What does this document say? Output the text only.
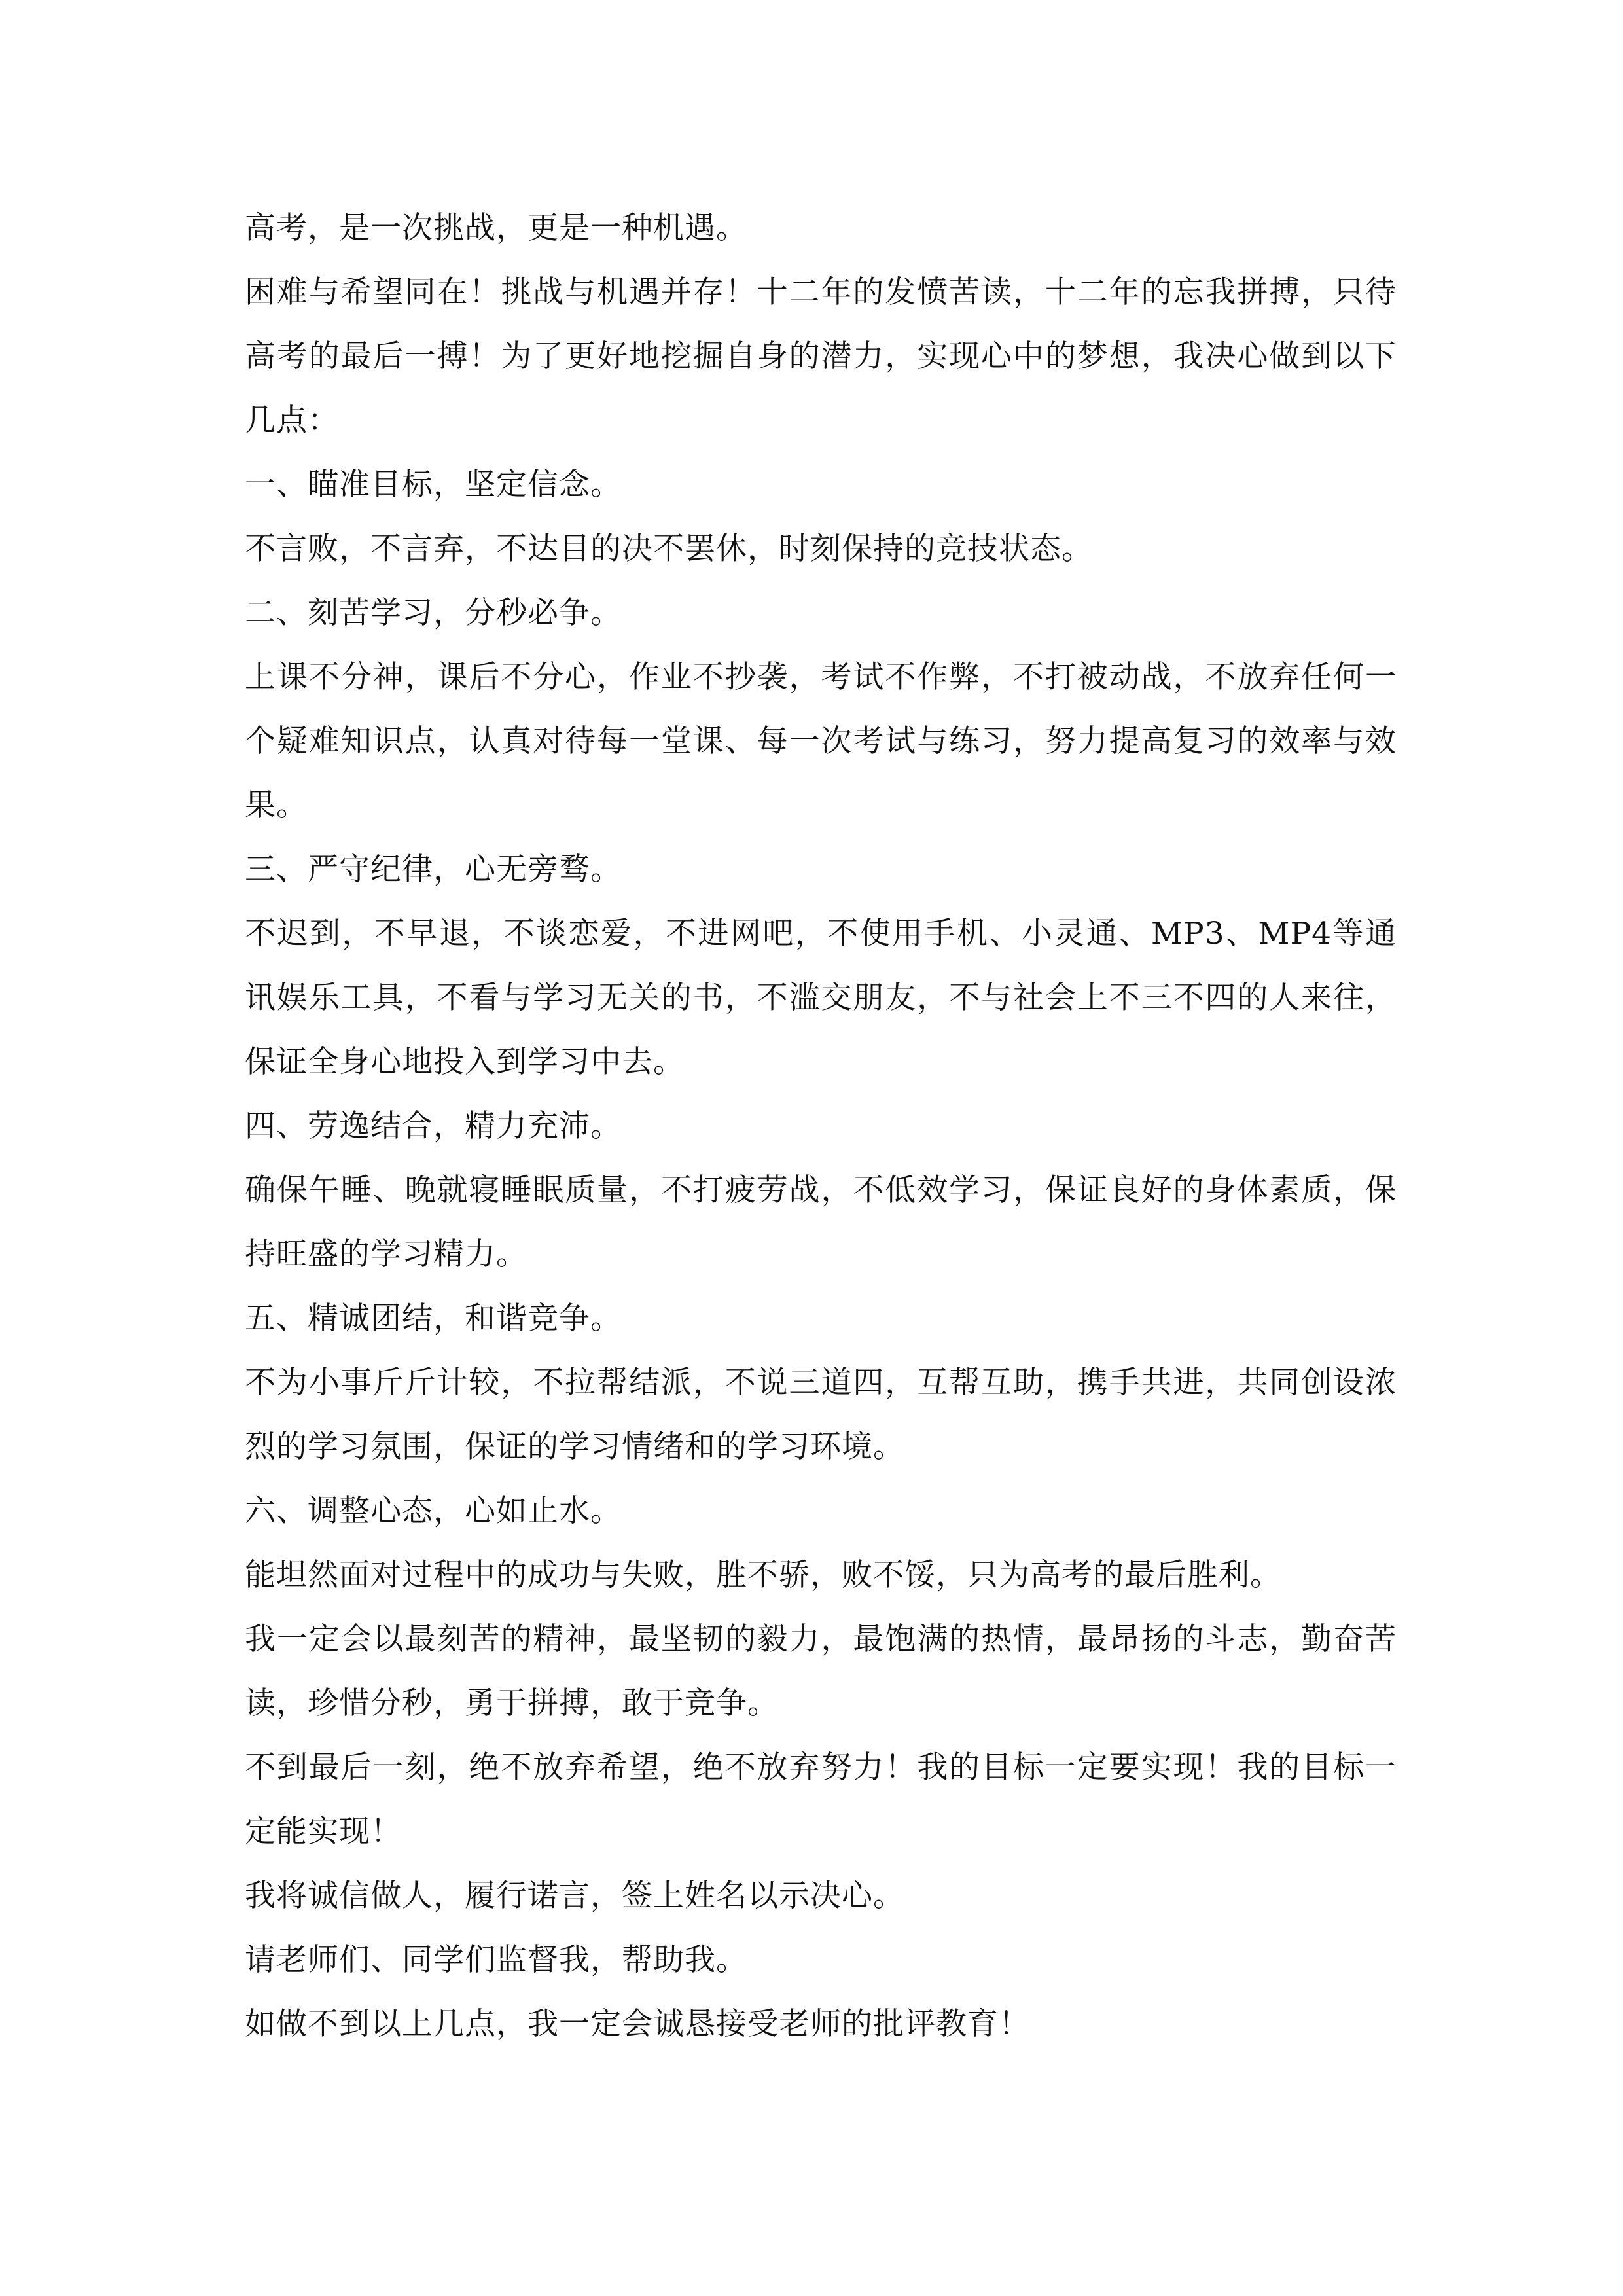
高考，是一次挑战，更是一种机遇。

困难与希望同在！挑战与机遇并存！十二年的发愤苦读，十二年的忘我拼搏，只待高考的最后一搏！为了更好地挖掘自身的潜力，实现心中的梦想，我决心做到以下几点：

一、瞄准目标，坚定信念。

不言败，不言弃，不达目的决不罢休，时刻保持的竞技状态。

二、刻苦学习，分秒必争。

上课不分神，课后不分心，作业不抄袭，考试不作弊，不打被动战，不放弃任何一个疑难知识点，认真对待每一堂课、每一次考试与练习，努力提高复习的效率与效果。

三、严守纪律，心无旁骛。

不迟到，不早退，不谈恋爱，不进网吧，不使用手机、小灵通、MP3、MP4等通讯娱乐工具，不看与学习无关的书，不滥交朋友，不与社会上不三不四的人来往，保证全身心地投入到学习中去。

四、劳逸结合，精力充沛。

确保午睡、晚就寝睡眠质量，不打疲劳战，不低效学习，保证良好的身体素质，保持旺盛的学习精力。

五、精诚团结，和谐竞争。

不为小事斤斤计较，不拉帮结派，不说三道四，互帮互助，携手共进，共同创设浓烈的学习氛围，保证的学习情绪和的学习环境。

六、调整心态，心如止水。

能坦然面对过程中的成功与失败，胜不骄，败不馁，只为高考的最后胜利。

我一定会以最刻苦的精神，最坚韧的毅力，最饱满的热情，最昂扬的斗志，勤奋苦读，珍惜分秒，勇于拼搏，敢于竞争。

不到最后一刻，绝不放弃希望，绝不放弃努力！我的目标一定要实现！我的目标一定能实现！

我将诚信做人，履行诺言，签上姓名以示决心。

请老师们、同学们监督我，帮助我。

如做不到以上几点，我一定会诚恳接受老师的批评教育！
